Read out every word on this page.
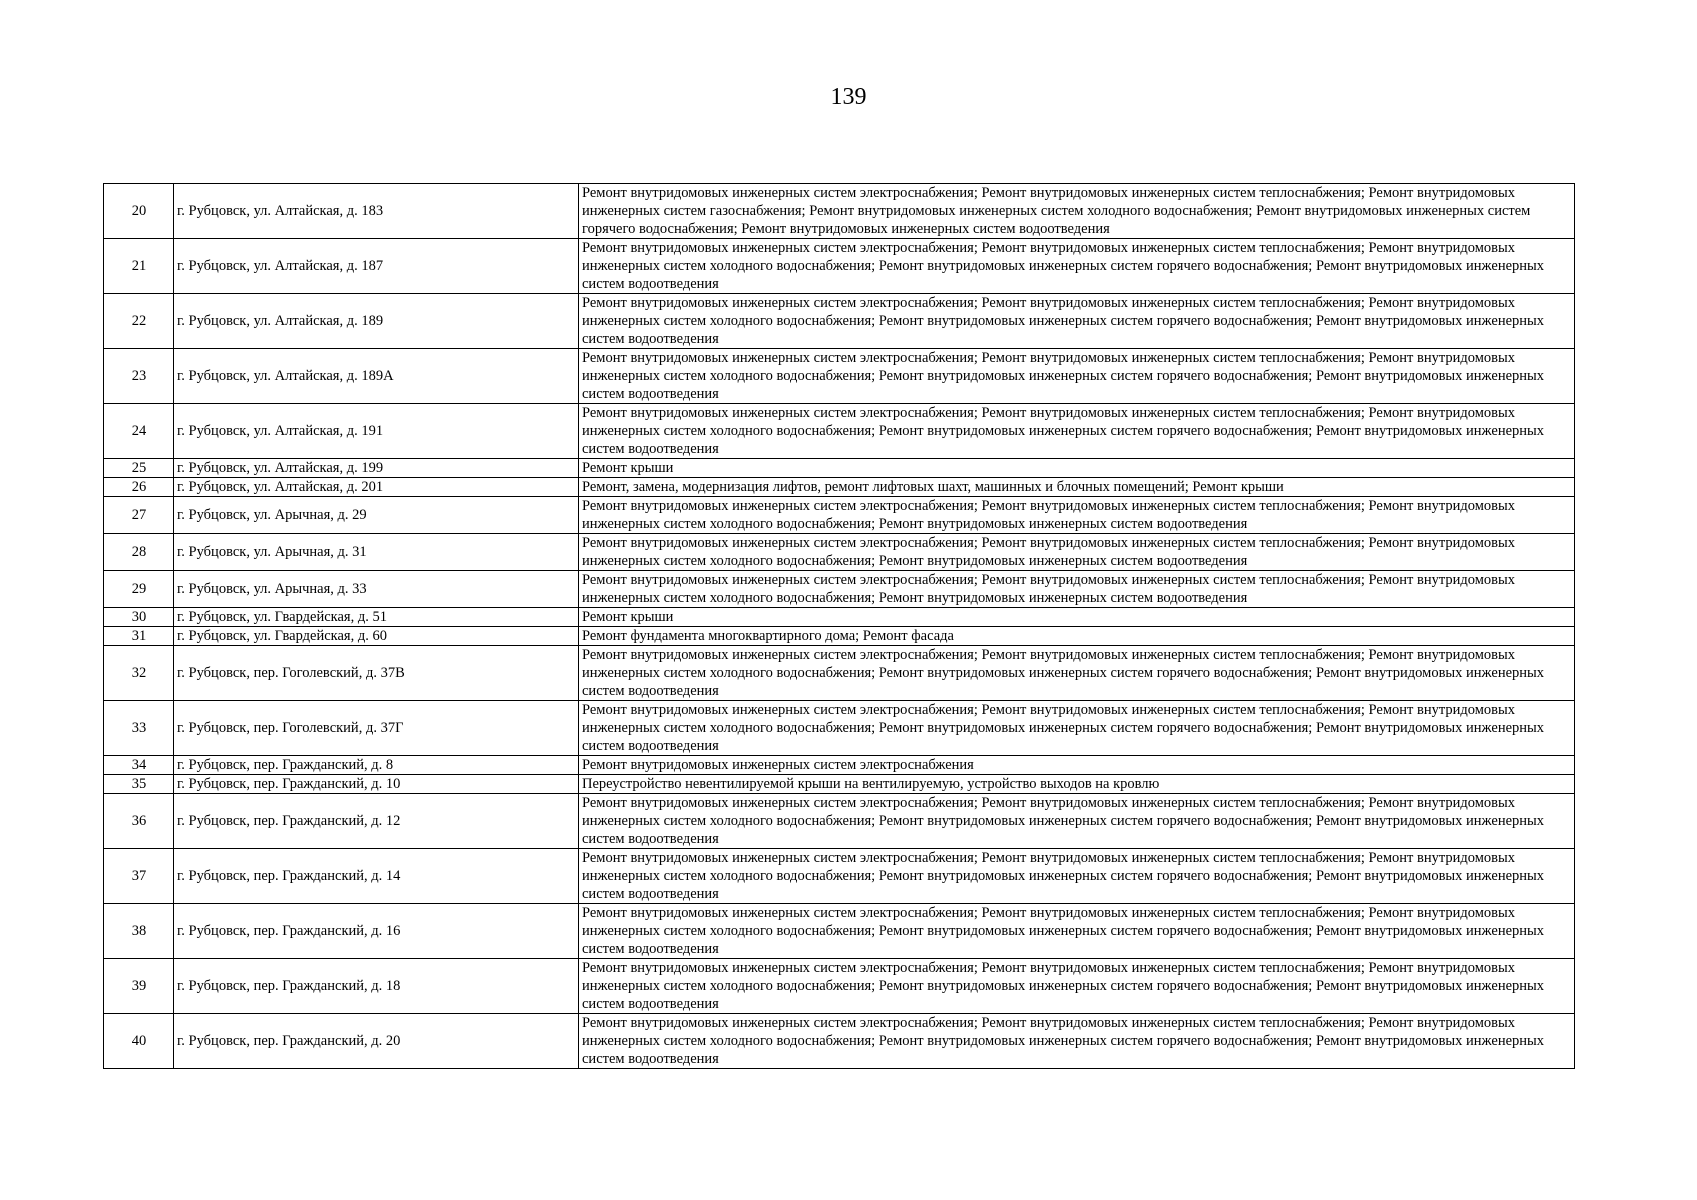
139
20	г. Рубцовск, ул. Алтайская, д. 183	Ремонт внутридомовых инженерных систем электроснабжения; Ремонт внутридомовых инженерных систем теплоснабжения; Ремонт внутридомовых инженерных систем газоснабжения; Ремонт внутридомовых инженерных систем холодного водоснабжения; Ремонт внутридомовых инженерных систем горячего водоснабжения; Ремонт внутридомовых инженерных систем водоотведения
21	г. Рубцовск, ул. Алтайская, д. 187	Ремонт внутридомовых инженерных систем электроснабжения; Ремонт внутридомовых инженерных систем теплоснабжения; Ремонт внутридомовых инженерных систем холодного водоснабжения; Ремонт внутридомовых инженерных систем горячего водоснабжения; Ремонт внутридомовых инженерных систем водоотведения
22	г. Рубцовск, ул. Алтайская, д. 189	Ремонт внутридомовых инженерных систем электроснабжения; Ремонт внутридомовых инженерных систем теплоснабжения; Ремонт внутридомовых инженерных систем холодного водоснабжения; Ремонт внутридомовых инженерных систем горячего водоснабжения; Ремонт внутридомовых инженерных систем водоотведения
23	г. Рубцовск, ул. Алтайская, д. 189А	Ремонт внутридомовых инженерных систем электроснабжения; Ремонт внутридомовых инженерных систем теплоснабжения; Ремонт внутридомовых инженерных систем холодного водоснабжения; Ремонт внутридомовых инженерных систем горячего водоснабжения; Ремонт внутридомовых инженерных систем водоотведения
24	г. Рубцовск, ул. Алтайская, д. 191	Ремонт внутридомовых инженерных систем электроснабжения; Ремонт внутридомовых инженерных систем теплоснабжения; Ремонт внутридомовых инженерных систем холодного водоснабжения; Ремонт внутридомовых инженерных систем горячего водоснабжения; Ремонт внутридомовых инженерных систем водоотведения
25	г. Рубцовск, ул. Алтайская, д. 199	Ремонт крыши
26	г. Рубцовск, ул. Алтайская, д. 201	Ремонт, замена, модернизация лифтов, ремонт лифтовых шахт, машинных и блочных помещений; Ремонт крыши
27	г. Рубцовск, ул. Арычная, д. 29	Ремонт внутридомовых инженерных систем электроснабжения; Ремонт внутридомовых инженерных систем теплоснабжения; Ремонт внутридомовых инженерных систем холодного водоснабжения; Ремонт внутридомовых инженерных систем водоотведения
28	г. Рубцовск, ул. Арычная, д. 31	Ремонт внутридомовых инженерных систем электроснабжения; Ремонт внутридомовых инженерных систем теплоснабжения; Ремонт внутридомовых инженерных систем холодного водоснабжения; Ремонт внутридомовых инженерных систем водоотведения
29	г. Рубцовск, ул. Арычная, д. 33	Ремонт внутридомовых инженерных систем электроснабжения; Ремонт внутридомовых инженерных систем теплоснабжения; Ремонт внутридомовых инженерных систем холодного водоснабжения; Ремонт внутридомовых инженерных систем водоотведения
30	г. Рубцовск, ул. Гвардейская, д. 51	Ремонт крыши
31	г. Рубцовск, ул. Гвардейская, д. 60	Ремонт фундамента многоквартирного дома; Ремонт фасада
32	г. Рубцовск, пер. Гоголевский, д. 37В	Ремонт внутридомовых инженерных систем электроснабжения; Ремонт внутридомовых инженерных систем теплоснабжения; Ремонт внутридомовых инженерных систем холодного водоснабжения; Ремонт внутридомовых инженерных систем горячего водоснабжения; Ремонт внутридомовых инженерных систем водоотведения
33	г. Рубцовск, пер. Гоголевский, д. 37Г	Ремонт внутридомовых инженерных систем электроснабжения; Ремонт внутридомовых инженерных систем теплоснабжения; Ремонт внутридомовых инженерных систем холодного водоснабжения; Ремонт внутридомовых инженерных систем горячего водоснабжения; Ремонт внутридомовых инженерных систем водоотведения
34	г. Рубцовск, пер. Гражданский, д. 8	Ремонт внутридомовых инженерных систем электроснабжения
35	г. Рубцовск, пер. Гражданский, д. 10	Переустройство невентилируемой крыши на вентилируемую, устройство выходов на кровлю
36	г. Рубцовск, пер. Гражданский, д. 12	Ремонт внутридомовых инженерных систем электроснабжения; Ремонт внутридомовых инженерных систем теплоснабжения; Ремонт внутридомовых инженерных систем холодного водоснабжения; Ремонт внутридомовых инженерных систем горячего водоснабжения; Ремонт внутридомовых инженерных систем водоотведения
37	г. Рубцовск, пер. Гражданский, д. 14	Ремонт внутридомовых инженерных систем электроснабжения; Ремонт внутридомовых инженерных систем теплоснабжения; Ремонт внутридомовых инженерных систем холодного водоснабжения; Ремонт внутридомовых инженерных систем горячего водоснабжения; Ремонт внутридомовых инженерных систем водоотведения
38	г. Рубцовск, пер. Гражданский, д. 16	Ремонт внутридомовых инженерных систем электроснабжения; Ремонт внутридомовых инженерных систем теплоснабжения; Ремонт внутридомовых инженерных систем холодного водоснабжения; Ремонт внутридомовых инженерных систем горячего водоснабжения; Ремонт внутридомовых инженерных систем водоотведения
39	г. Рубцовск, пер. Гражданский, д. 18	Ремонт внутридомовых инженерных систем электроснабжения; Ремонт внутридомовых инженерных систем теплоснабжения; Ремонт внутридомовых инженерных систем холодного водоснабжения; Ремонт внутридомовых инженерных систем горячего водоснабжения; Ремонт внутридомовых инженерных систем водоотведения
40	г. Рубцовск, пер. Гражданский, д. 20	Ремонт внутридомовых инженерных систем электроснабжения; Ремонт внутридомовых инженерных систем теплоснабжения; Ремонт внутридомовых инженерных систем холодного водоснабжения; Ремонт внутридомовых инженерных систем горячего водоснабжения; Ремонт внутридомовых инженерных систем водоотведения
